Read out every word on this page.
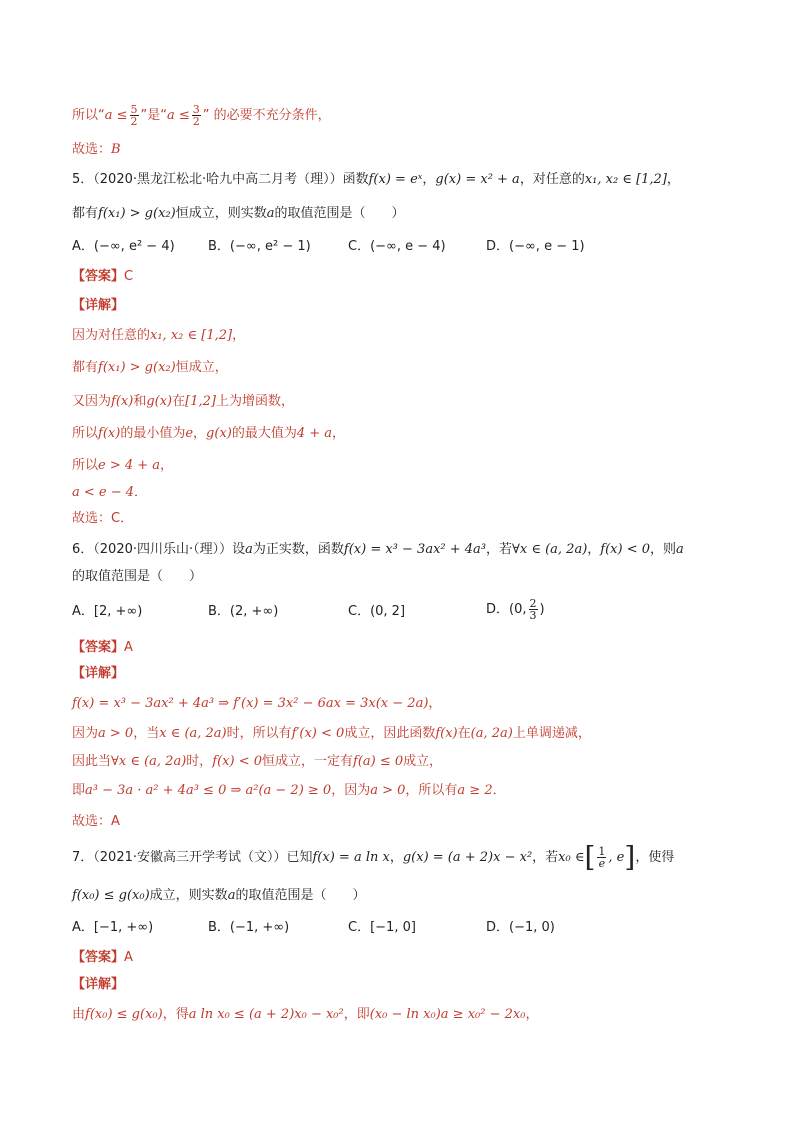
所以“$a \le \frac{5}{2}$ ”是“$a \le \frac{3}{2}$ ” 的必要不充分条件，
故选：B
5．（2020·黑龙江松北·哈九中高二月考（理））函数f(x) = eˣ，g(x) = x² + a，对任意的x₁, x₂ ∈ [1,2]，
都有f(x₁) > g(x₂)恒成立，则实数a的取值范围是（　　）
A．(−∞, e² − 4)	B．(−∞, e² − 1)	C．(−∞, e − 4)	D．(−∞, e − 1)
【答案】C
【详解】
因为对任意的x₁, x₂ ∈ [1,2]，
都有f(x₁) > g(x₂)恒成立，
又因为f(x)和g(x)在[1,2]上为增函数，
所以f(x)的最小值为e，g(x)的最大值为4 + a，
所以e > 4 + a，
a < e − 4．
故选：C．
6．（2020·四川乐山·（理））设a为正实数，函数f(x) = x³ − 3ax² + 4a³，若∀x ∈ (a, 2a)，f(x) < 0，则a
的取值范围是（　　）
A．[2, +∞)	B．(2, +∞)	C．(0, 2]	D．(0, $\frac{2}{3}$ )
【答案】A
【详解】
f(x) = x³ − 3ax² + 4a³ ⇒ f′(x) = 3x² − 6ax = 3x(x − 2a)，
因为a > 0，当x ∈ (a, 2a)时，所以有f′(x) < 0成立，因此函数f(x)在(a, 2a)上单调递减，
因此当∀x ∈ (a, 2a)时，f(x) < 0恒成立，一定有f(a) ≤ 0成立，
即a³ − 3a · a² + 4a³ ≤ 0 ⇒ a²(a − 2) ≥ 0，因为a > 0，所以有a ≥ 2．
故选：A
7．（2021·安徽高三开学考试（文））已知f(x) = a ln x，g(x) = (a + 2)x − x²，若x₀ ∈[ $\frac{1}{e}$ , e]，使得
f(x₀) ≤ g(x₀)成立，则实数a的取值范围是（　　）
A．[−1, +∞)	B．(−1, +∞)	C．[−1, 0]	D．(−1, 0)
【答案】A
【详解】
由f(x₀) ≤ g(x₀)，得a ln x₀ ≤ (a + 2)x₀ − x₀²，即(x₀ − ln x₀)a ≥ x₀² − 2x₀，
